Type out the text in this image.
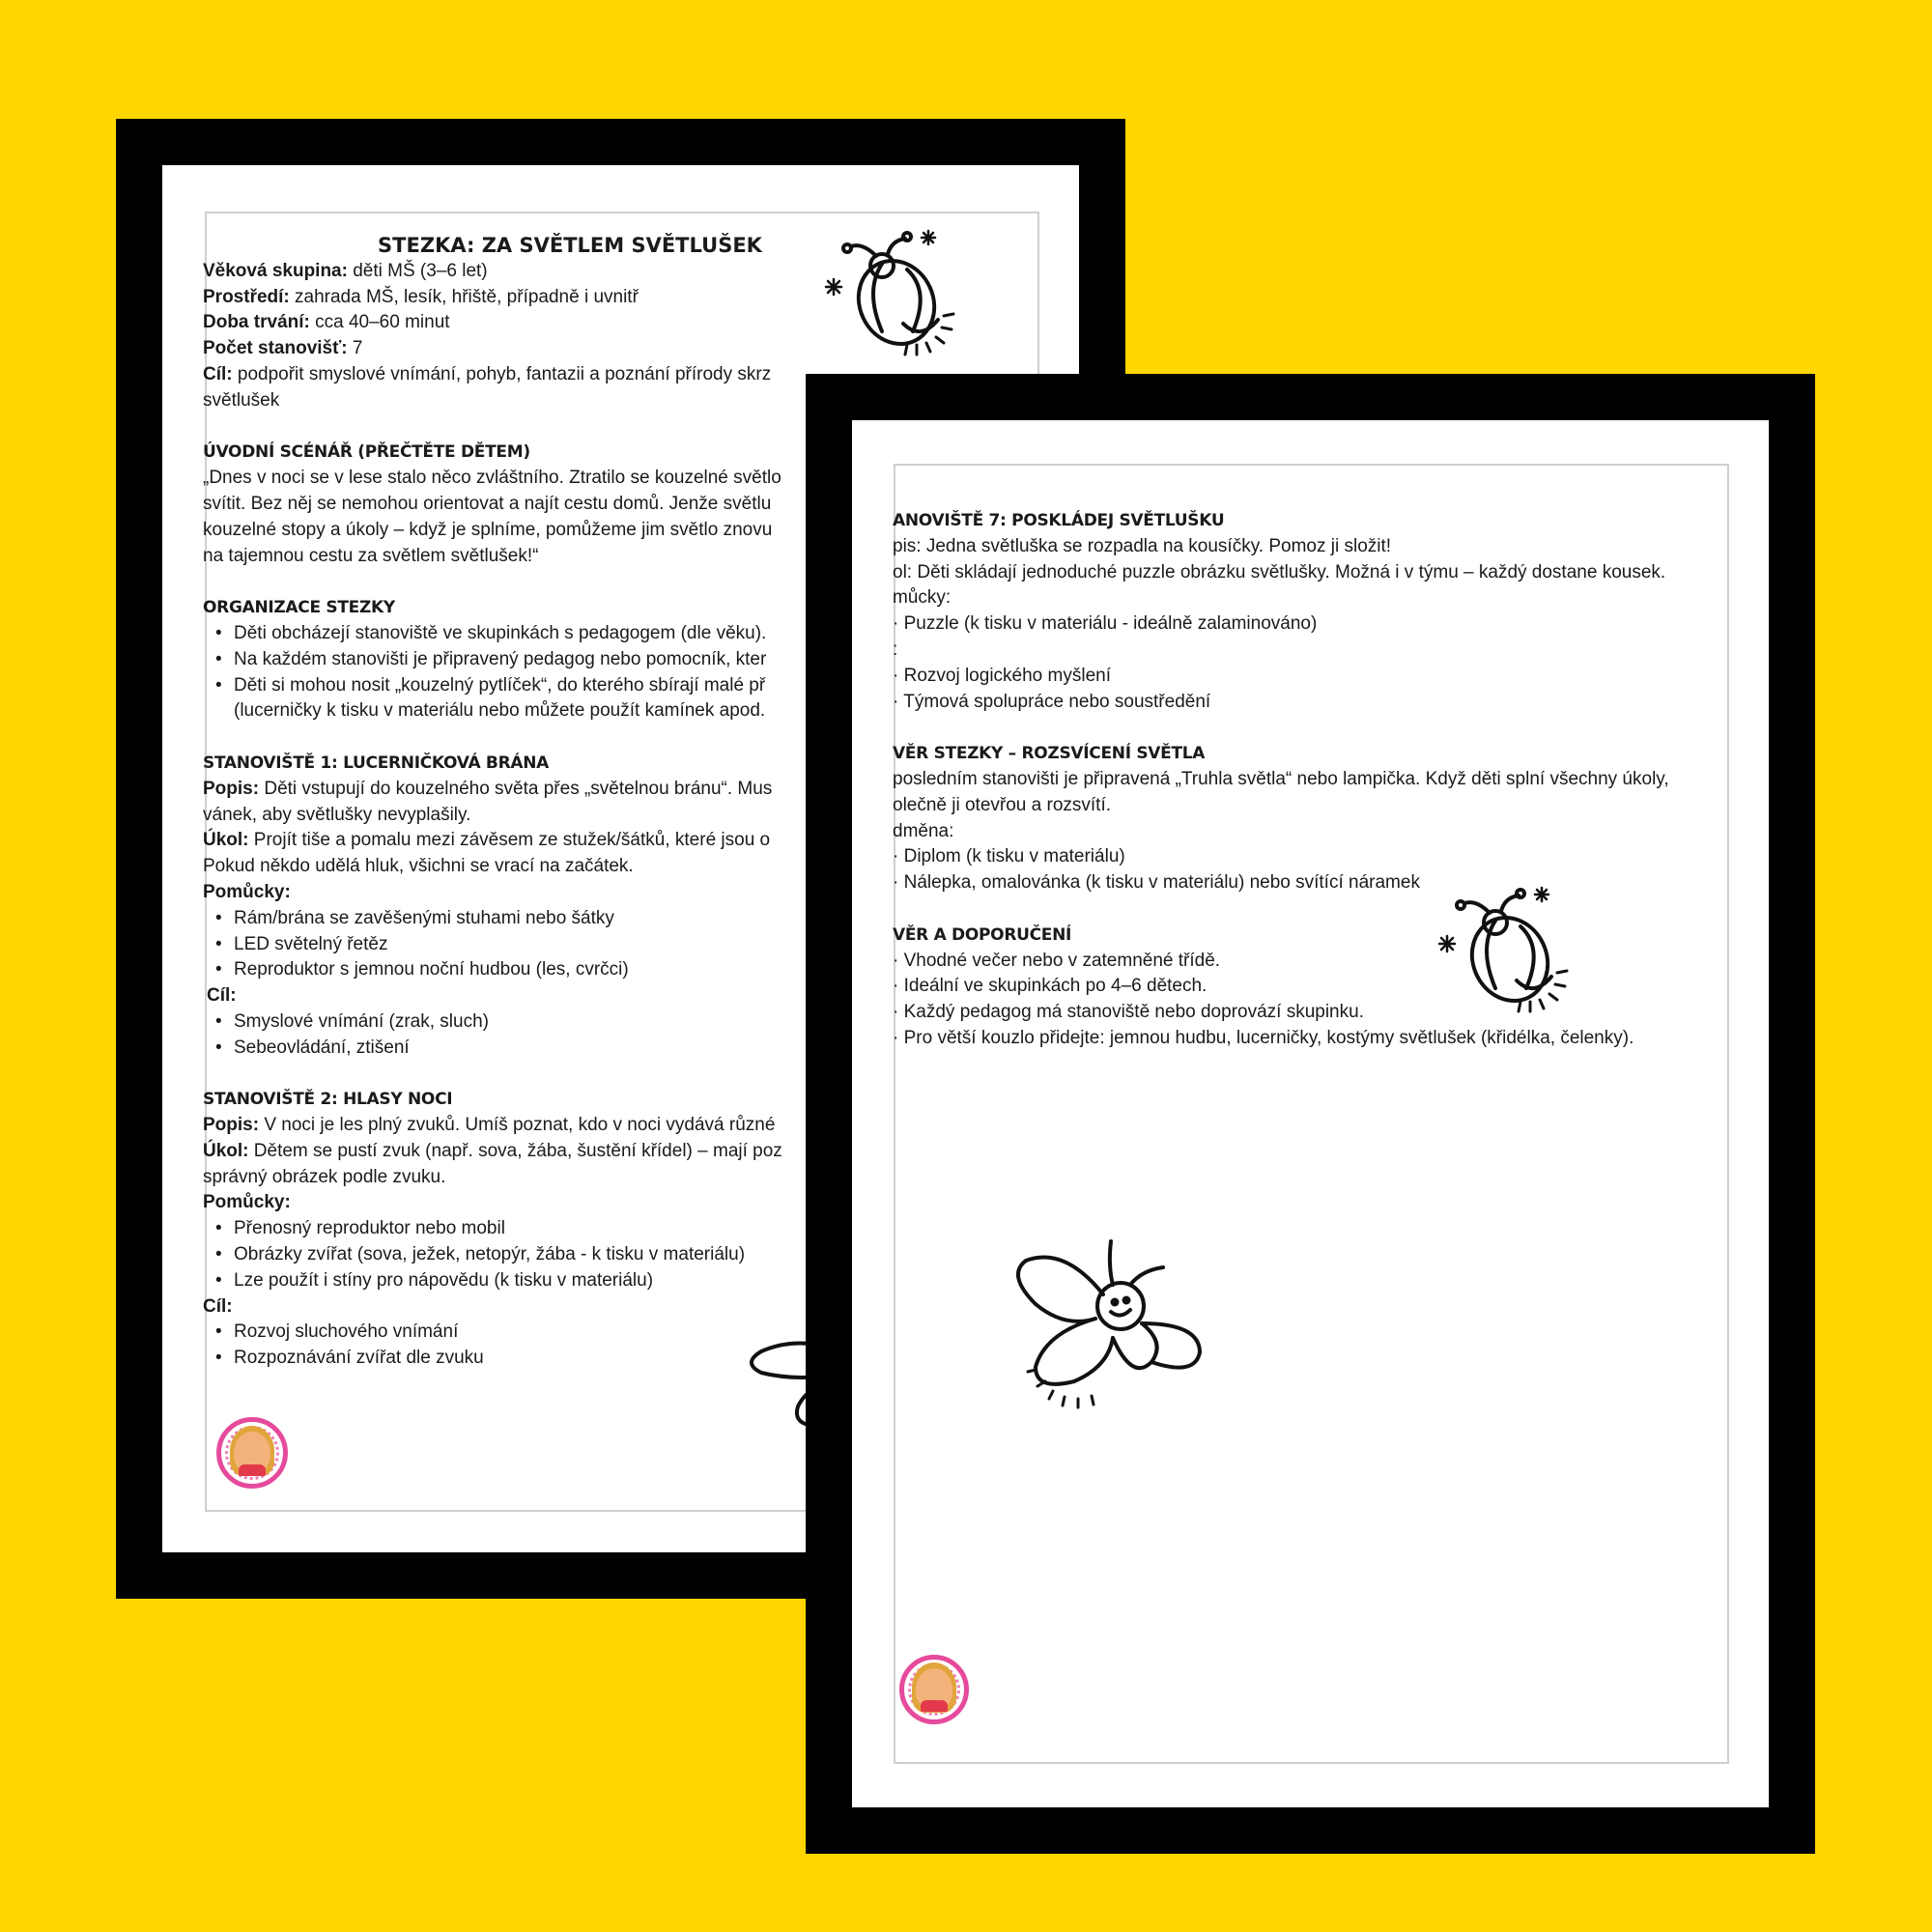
STEZKA: ZA SVĚTLEM SVĚTLUŠEK

Věková skupina: děti MŠ (3–6 let)

Prostředí: zahrada MŠ, lesík, hřiště, případně i uvnitř

Doba trvání: cca 40–60 minut

Počet stanovišť: 7

Cíl: podpořit smyslové vnímání, pohyb, fantazii a poznání přírody skrz

světlušek

ÚVODNÍ SCÉNÁŘ (PŘEČTĚTE DĚTEM)

„Dnes v noci se v lese stalo něco zvláštního. Ztratilo se kouzelné světlo

svítit. Bez něj se nemohou orientovat a najít cestu domů. Jenže světlu

kouzelné stopy a úkoly – když je splníme, pomůžeme jim světlo znovu

na tajemnou cestu za světlem světlušek!“

ORGANIZACE STEZKY

• Děti obcházejí stanoviště ve skupinkách s pedagogem (dle věku).
• Na každém stanovišti je připravený pedagog nebo pomocník, kter
• Děti si mohou nosit „kouzelný pytlíček“, do kterého sbírají malé př

(lucerničky k tisku v materiálu nebo můžete použít kamínek apod.

STANOVIŠTĚ 1: LUCERNIČKOVÁ BRÁNA

Popis: Děti vstupují do kouzelného světa přes „světelnou bránu“. Mus

vánek, aby světlušky nevyplašily.

Úkol: Projít tiše a pomalu mezi závěsem ze stužek/šátků, které jsou o

Pokud někdo udělá hluk, všichni se vrací na začátek.

Pomůcky:

• Rám/brána se zavěšenými stuhami nebo šátky
• LED světelný řetěz
• Reproduktor s jemnou noční hudbou (les, cvrčci)

Cíl:

• Smyslové vnímání (zrak, sluch)
• Sebeovládání, ztišení

STANOVIŠTĚ 2: HLASY NOCI

Popis: V noci je les plný zvuků. Umíš poznat, kdo v noci vydává různé

Úkol: Dětem se pustí zvuk (např. sova, žába, šustění křídel) – mají poz

správný obrázek podle zvuku.

Pomůcky:

• Přenosný reproduktor nebo mobil
• Obrázky zvířat (sova, ježek, netopýr, žába - k tisku v materiálu)
• Lze použít i stíny pro nápovědu (k tisku v materiálu)

Cíl:

• Rozvoj sluchového vnímání
• Rozpoznávání zvířat dle zvuku

ANOVIŠTĚ 7: POSKLÁDEJ SVĚTLUŠKU

pis: Jedna světluška se rozpadla na kousíčky. Pomoz ji složit!

ol: Děti skládají jednoduché puzzle obrázku světlušky. Možná i v týmu – každý dostane kousek.

můcky:

· Puzzle (k tisku v materiálu - ideálně zalaminováno)

:

· Rozvoj logického myšlení

· Týmová spolupráce nebo soustředění

VĚR STEZKY – ROZSVÍCENÍ SVĚTLA

posledním stanovišti je připravená „Truhla světla“ nebo lampička. Když děti splní všechny úkoly,

olečně ji otevřou a rozsvítí.

dměna:

· Diplom (k tisku v materiálu)

· Nálepka, omalovánka (k tisku v materiálu) nebo svítící náramek

VĚR A DOPORUČENÍ

· Vhodné večer nebo v zatemněné třídě.

· Ideální ve skupinkách po 4–6 dětech.

· Každý pedagog má stanoviště nebo doprovází skupinku.

· Pro větší kouzlo přidejte: jemnou hudbu, lucerničky, kostýmy světlušek (křidélka, čelenky).
